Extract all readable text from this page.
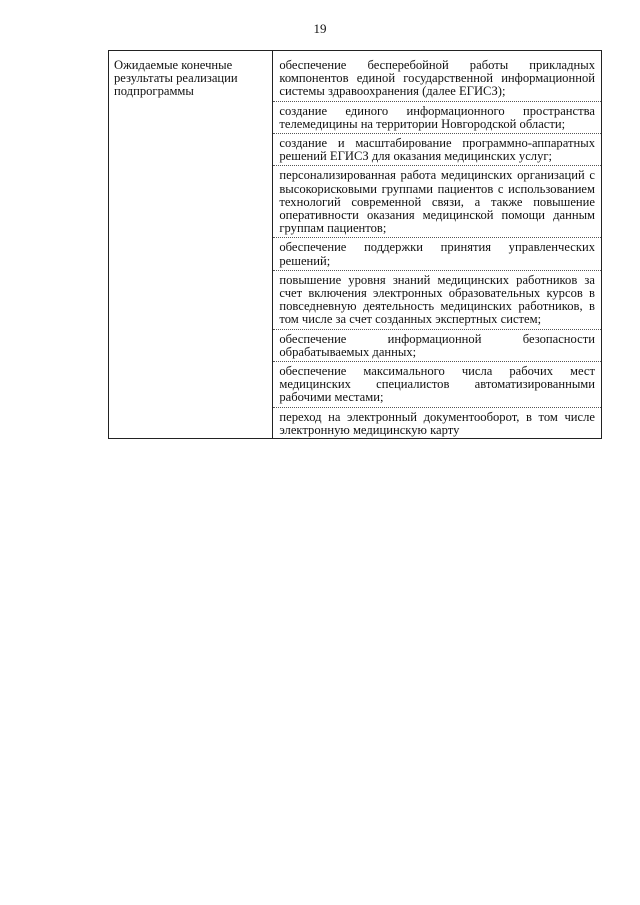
19
Ожидаемые конечные результаты реализации подпрограммы
обеспечение бесперебойной работы прикладных компонентов единой государственной информационной системы здравоохранения (далее ЕГИСЗ);
создание единого информационного пространства телемедицины на территории Новгородской области;
создание и масштабирование программно-аппаратных решений ЕГИСЗ для оказания медицинских услуг;
персонализированная работа медицинских организаций с высокорисковыми группами пациентов с использованием технологий современной связи, а также повышение оперативности оказания медицинской помощи данным группам пациентов;
обеспечение поддержки принятия управленческих решений;
повышение уровня знаний медицинских работников за счет включения электронных образовательных курсов в повседневную деятельность медицинских работников, в том числе за счет созданных экспертных систем;
обеспечение информационной безопасности обрабатываемых данных;
обеспечение максимального числа рабочих мест медицинских специалистов автоматизированными рабочими местами;
переход на электронный документооборот, в том числе электронную медицинскую карту
